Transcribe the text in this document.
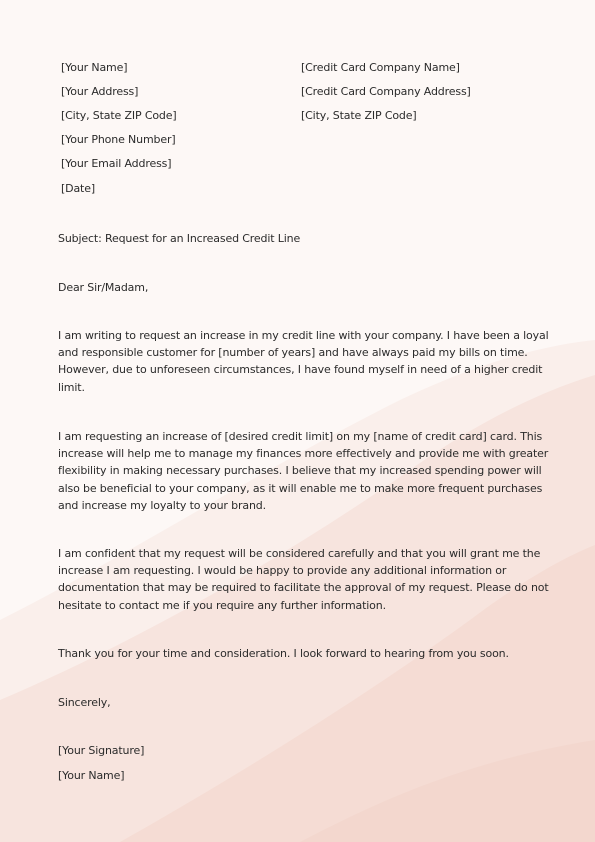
[Your Name]
[Your Address]
[City, State ZIP Code]
[Your Phone Number]
[Your Email Address]
[Date]
[Credit Card Company Name]
[Credit Card Company Address]
[City, State ZIP Code]
Subject: Request for an Increased Credit Line
Dear Sir/Madam,
I am writing to request an increase in my credit line with your company. I have been a loyal
and responsible customer for [number of years] and have always paid my bills on time.
However, due to unforeseen circumstances, I have found myself in need of a higher credit
limit.
I am requesting an increase of [desired credit limit] on my [name of credit card] card. This
increase will help me to manage my finances more effectively and provide me with greater
flexibility in making necessary purchases. I believe that my increased spending power will
also be beneficial to your company, as it will enable me to make more frequent purchases
and increase my loyalty to your brand.
I am confident that my request will be considered carefully and that you will grant me the
increase I am requesting. I would be happy to provide any additional information or
documentation that may be required to facilitate the approval of my request. Please do not
hesitate to contact me if you require any further information.
Thank you for your time and consideration. I look forward to hearing from you soon.
Sincerely,
[Your Signature]
[Your Name]
